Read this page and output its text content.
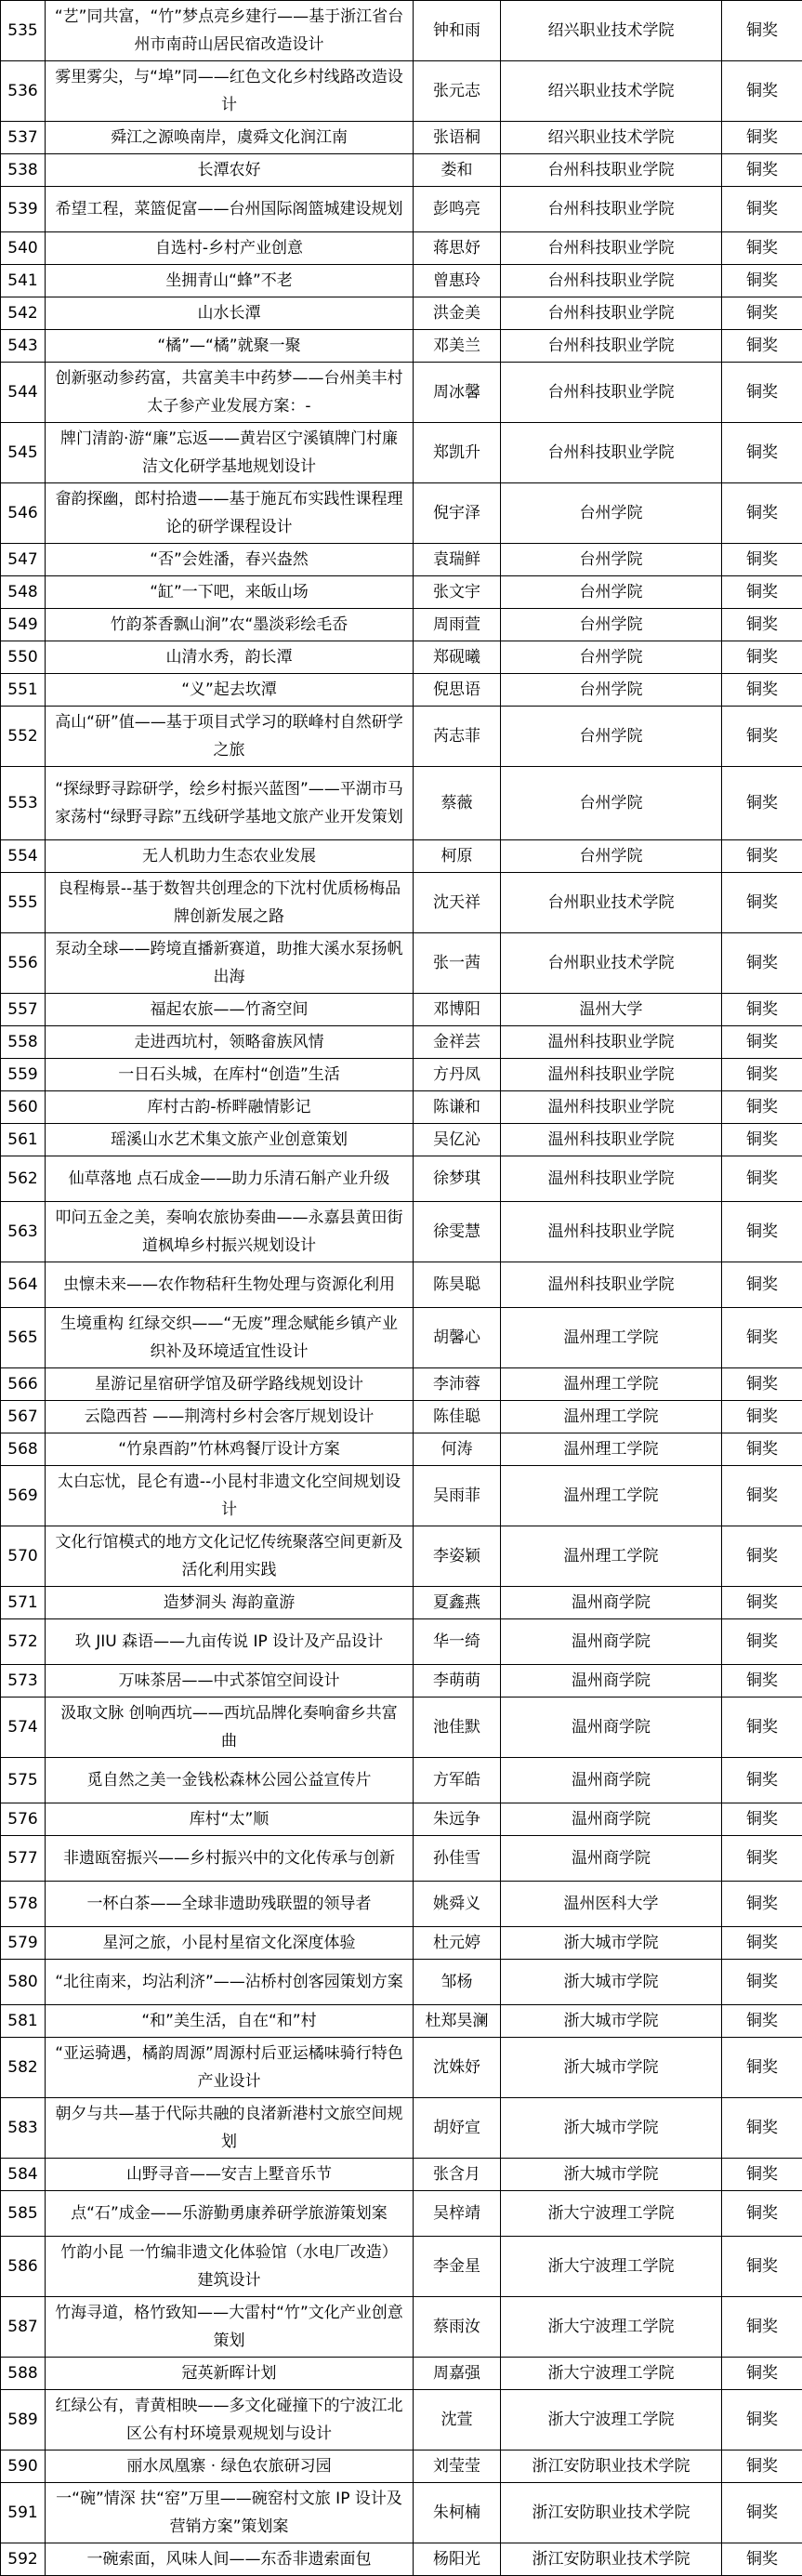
535	“艺”同共富，“竹”梦点亮乡建行——基于浙江省台州市南莳山居民宿改造设计	钟和雨	绍兴职业技术学院	铜奖
536	雾里雾尖，与“埠”同——红色文化乡村线路改造设计	张元志	绍兴职业技术学院	铜奖
537	舜江之源唤南岸，虞舜文化润江南	张语桐	绍兴职业技术学院	铜奖
538	长潭农好	娄和	台州科技职业学院	铜奖
539	希望工程，菜篮促富——台州国际阁篮城建设规划	彭鸣亮	台州科技职业学院	铜奖
540	自选村-乡村产业创意	蒋思妤	台州科技职业学院	铜奖
541	坐拥青山“蜂”不老	曾惠玲	台州科技职业学院	铜奖
542	山水长潭	洪金美	台州科技职业学院	铜奖
543	“橘”—“橘”就聚一聚	邓美兰	台州科技职业学院	铜奖
544	创新驱动参药富，共富美丰中药梦——台州美丰村太子参产业发展方案：-	周冰馨	台州科技职业学院	铜奖
545	牌门清韵·游“廉”忘返——黄岩区宁溪镇牌门村廉洁文化研学基地规划设计	郑凯升	台州科技职业学院	铜奖
546	畲韵探幽，郎村拾遗——基于施瓦布实践性课程理论的研学课程设计	倪宇泽	台州学院	铜奖
547	“否”会姓潘，春兴盎然	袁瑞鲜	台州学院	铜奖
548	“缸”一下吧，来皈山场	张文宇	台州学院	铜奖
549	竹韵茶香飘山涧”农“墨淡彩绘毛岙	周雨萱	台州学院	铜奖
550	山清水秀，韵长潭	郑砚曦	台州学院	铜奖
551	“义”起去坎潭	倪思语	台州学院	铜奖
552	高山“研”值——基于项目式学习的联峰村自然研学之旅	芮志菲	台州学院	铜奖
553	“探绿野寻踪研学，绘乡村振兴蓝图”——平湖市马家荡村“绿野寻踪”五线研学基地文旅产业开发策划	蔡薇	台州学院	铜奖
554	无人机助力生态农业发展	柯原	台州学院	铜奖
555	良程梅景--基于数智共创理念的下沈村优质杨梅品牌创新发展之路	沈天祥	台州职业技术学院	铜奖
556	泵动全球——跨境直播新赛道，助推大溪水泵扬帆出海	张一茜	台州职业技术学院	铜奖
557	福起农旅——竹斋空间	邓博阳	温州大学	铜奖
558	走进西坑村，领略畲族风情	金祥芸	温州科技职业学院	铜奖
559	一日石头城，在库村“创造”生活	方丹凤	温州科技职业学院	铜奖
560	库村古韵-桥畔融情影记	陈谦和	温州科技职业学院	铜奖
561	瑶溪山水艺术集文旅产业创意策划	吴亿沁	温州科技职业学院	铜奖
562	仙草落地 点石成金——助力乐清石斛产业升级	徐梦琪	温州科技职业学院	铜奖
563	叩问五金之美，奏响农旅协奏曲——永嘉县黄田街道枫埠乡村振兴规划设计	徐雯慧	温州科技职业学院	铜奖
564	虫懔未来——农作物秸秆生物处理与资源化利用	陈昊聪	温州科技职业学院	铜奖
565	生境重构 红绿交织——“无废”理念赋能乡镇产业织补及环境适宜性设计	胡馨心	温州理工学院	铜奖
566	星游记星宿研学馆及研学路线规划设计	李沛蓉	温州理工学院	铜奖
567	云隐西苔 ——荆湾村乡村会客厅规划设计	陈佳聪	温州理工学院	铜奖
568	“竹泉酉韵”竹林鸡餐厅设计方案	何涛	温州理工学院	铜奖
569	太白忘忧，昆仑有遗--小昆村非遗文化空间规划设计	吴雨菲	温州理工学院	铜奖
570	文化行馆模式的地方文化记忆传统聚落空间更新及活化利用实践	李姿颖	温州理工学院	铜奖
571	造梦洞头 海韵童游	夏鑫燕	温州商学院	铜奖
572	玖 JIU 森语——九亩传说 IP 设计及产品设计	华一绮	温州商学院	铜奖
573	万味茶居——中式茶馆空间设计	李萌萌	温州商学院	铜奖
574	汲取文脉 创响西坑——西坑品牌化奏响畲乡共富曲	池佳默	温州商学院	铜奖
575	觅自然之美一金钱松森林公园公益宣传片	方军皓	温州商学院	铜奖
576	库村“太”顺	朱远争	温州商学院	铜奖
577	非遗瓯窑振兴——乡村振兴中的文化传承与创新	孙佳雪	温州商学院	铜奖
578	一杯白茶——全球非遗助残联盟的领导者	姚舜义	温州医科大学	铜奖
579	星河之旅，小昆村星宿文化深度体验	杜元婷	浙大城市学院	铜奖
580	“北往南来，均沾利济”——沾桥村创客园策划方案	邹杨	浙大城市学院	铜奖
581	“和”美生活，自在“和”村	杜郑昊澜	浙大城市学院	铜奖
582	“亚运骑遇，橘韵周源”周源村后亚运橘味骑行特色产业设计	沈姝妤	浙大城市学院	铜奖
583	朝夕与共—基于代际共融的良渚新港村文旅空间规划	胡妤宣	浙大城市学院	铜奖
584	山野寻音——安吉上墅音乐节	张含月	浙大城市学院	铜奖
585	点“石”成金——乐游勤勇康养研学旅游策划案	吴梓靖	浙大宁波理工学院	铜奖
586	竹韵小昆 一竹编非遗文化体验馆（水电厂改造）建筑设计	李金星	浙大宁波理工学院	铜奖
587	竹海寻道，格竹致知——大雷村“竹”文化产业创意策划	蔡雨汝	浙大宁波理工学院	铜奖
588	冠英新晖计划	周嘉强	浙大宁波理工学院	铜奖
589	红绿公有，青黄相映——多文化碰撞下的宁波江北区公有村环境景观规划与设计	沈萱	浙大宁波理工学院	铜奖
590	丽水凤凰寨 · 绿色农旅研习园	刘莹莹	浙江安防职业技术学院	铜奖
591	一“碗”情深 扶“窑”万里——碗窑村文旅 IP 设计及营销方案”策划案	朱柯楠	浙江安防职业技术学院	铜奖
592	一碗索面，风味人间——东岙非遗索面包	杨阳光	浙江安防职业技术学院	铜奖
